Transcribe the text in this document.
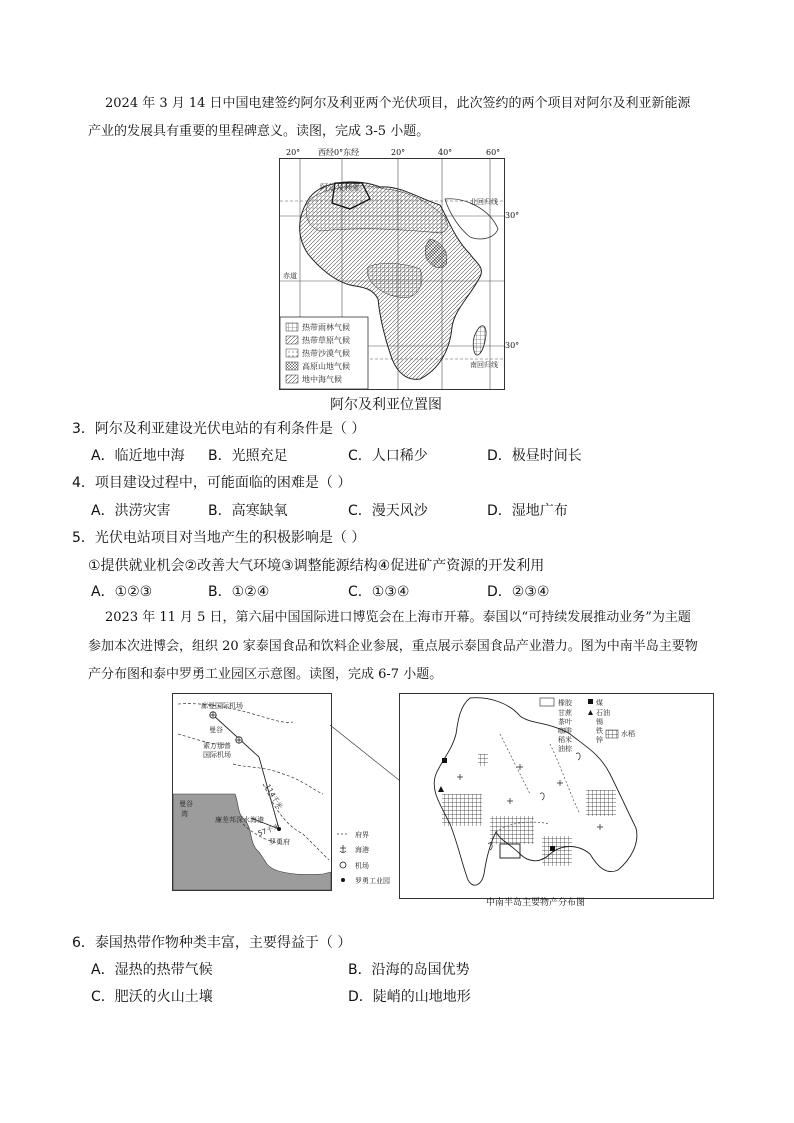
2024 年 3 月 14 日中国电建签约阿尔及利亚两个光伏项目，此次签约的两个项目对阿尔及利亚新能源
产业的发展具有重要的里程碑意义。读图，完成 3-5 小题。
阿尔及利亚
北回归线
赤道
南回归线
热带雨林气候
热带草原气候
热带沙漠气候
高原山地气候
地中海气候
20° 西经0°东经	20°	40°	60°
30°
30°
阿尔及利亚位置图
3．阿尔及利亚建设光伏电站的有利条件是（ ）
A．临近地中海 B．光照充足	C．人口稀少	D．极昼时间长
4．项目建设过程中，可能面临的困难是（ ）
A．洪涝灾害	B．高寒缺氧	C．漫天风沙	D．湿地广布
5．光伏电站项目对当地产生的积极影响是（ ）
①提供就业机会②改善大气环境③调整能源结构④促进矿产资源的开发利用
A．①②③	B．①②④	C．①③④	D．②③④
2023 年 11 月 5 日，第六届中国国际进口博览会在上海市开幕。泰国以“可持续发展推动业务”为主题
参加本次进博会，组织 20 家泰国食品和饮料企业参展，重点展示泰国食品产业潜力。图为中南半岛主要物
产分布图和泰中罗勇工业园区示意图。读图，完成 6-7 小题。
廊曼国际机场
曼谷
素万那普
国际机场
曼谷
湾
廉差邦深水海港
114千米
57千米
罗勇府
府界
海港
机场
罗勇工业园
橡胶	煤
甘蔗	石油
茶叶	锡
咖啡	铁
稻米	锌
油棕
水稻
中南半岛主要物产分布图
6．泰国热带作物种类丰富，主要得益于（ ）
A．湿热的热带气候	B．沿海的岛国优势
C．肥沃的火山土壤	D．陡峭的山地地形
